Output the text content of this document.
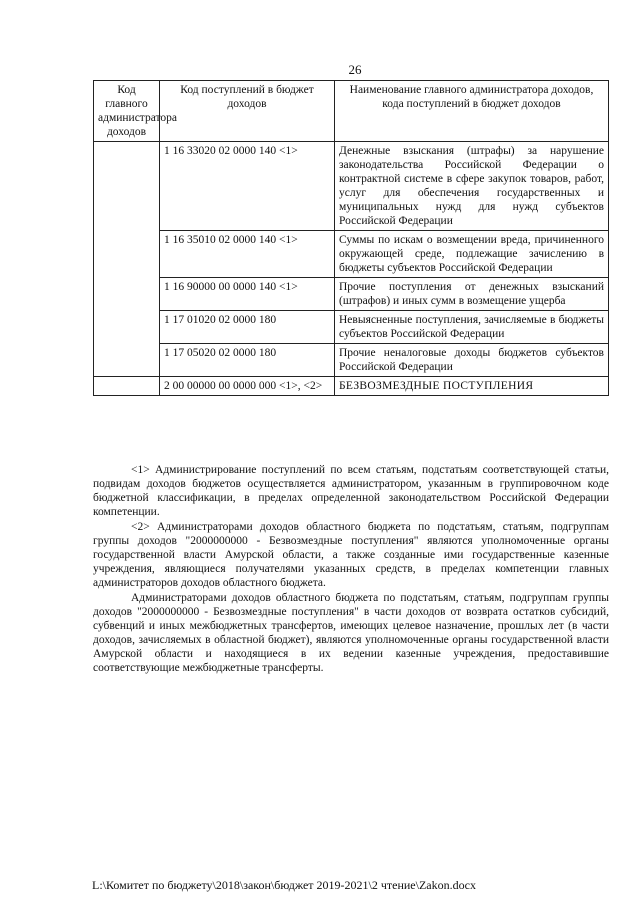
26
Код главного администратора доходов	Код поступлений в бюджет доходов	Наименование главного администратора доходов, кода поступлений в бюджет доходов
	1 16 33020 02 0000 140 <1>	Денежные взыскания (штрафы) за нарушение законодательства Российской Федерации о контрактной системе в сфере закупок товаров, работ, услуг для обеспечения государственных и муниципальных нужд для нужд субъектов Российской Федерации
	1 16 35010 02 0000 140 <1>	Суммы по искам о возмещении вреда, причиненного окружающей среде, подлежащие зачислению в бюджеты субъектов Российской Федерации
	1 16 90000 00 0000 140 <1>	Прочие поступления от денежных взысканий (штрафов) и иных сумм в возмещение ущерба
	1 17 01020 02 0000 180	Невыясненные поступления, зачисляемые в бюджеты субъектов Российской Федерации
	1 17 05020 02 0000 180	Прочие неналоговые доходы бюджетов субъектов Российской Федерации
	2 00 00000 00 0000 000 <1>, <2>	БЕЗВОЗМЕЗДНЫЕ ПОСТУПЛЕНИЯ

<1> Администрирование поступлений по всем статьям, подстатьям соответствующей статьи, подвидам доходов бюджетов осуществляется администратором, указанным в группировочном коде бюджетной классификации, в пределах определенной законодательством Российской Федерации компетенции.

<2> Администраторами доходов областного бюджета по подстатьям, статьям, подгруппам группы доходов "2000000000 - Безвозмездные поступления" являются уполномоченные органы государственной власти Амурской области, а также созданные ими государственные казенные учреждения, являющиеся получателями указанных средств, в пределах компетенции главных администраторов доходов областного бюджета.

Администраторами доходов областного бюджета по подстатьям, статьям, подгруппам группы доходов "2000000000 - Безвозмездные поступления" в части доходов от возврата остатков субсидий, субвенций и иных межбюджетных трансфертов, имеющих целевое назначение, прошлых лет (в части доходов, зачисляемых в областной бюджет), являются уполномоченные органы государственной власти Амурской области и находящиеся в их ведении казенные учреждения, предоставившие соответствующие межбюджетные трансферты.

L:\Комитет по бюджету\2018\закон\бюджет 2019-2021\2 чтение\Zakon.docx
